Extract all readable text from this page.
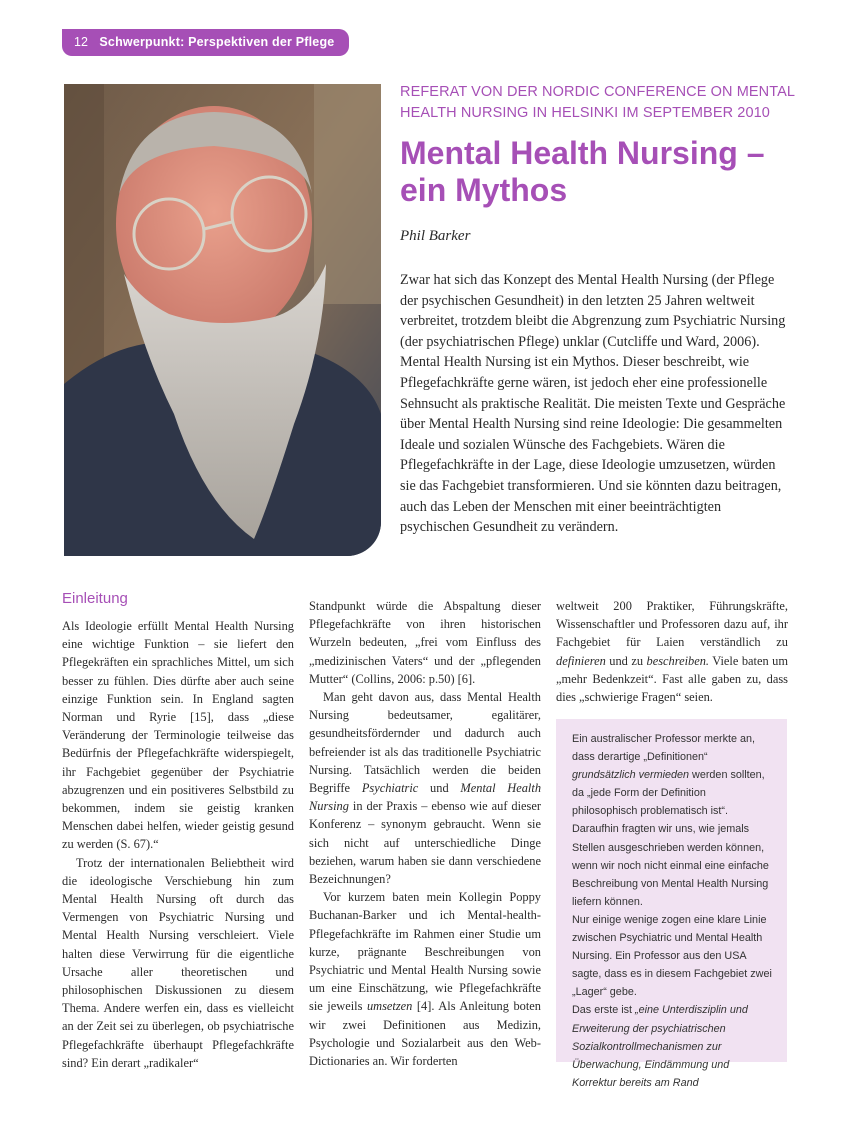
12 Schwerpunkt: Perspektiven der Pflege
REFERAT VON DER NORDIC CONFERENCE ON MENTAL
HEALTH NURSING IN HELSINKI IM SEPTEMBER 2010
Mental Health Nursing –
ein Mythos
Phil Barker
Zwar hat sich das Konzept des Mental Health Nursing (der Pflege der psychischen Gesundheit) in den letzten 25 Jahren weltweit verbreitet, trotzdem bleibt die Abgrenzung zum Psychiatric Nursing (der psychiatrischen Pflege) unklar (Cutcliffe und Ward, 2006). Mental Health Nursing ist ein Mythos. Dieser beschreibt, wie Pflegefachkräfte gerne wären, ist jedoch eher eine professionelle Sehnsucht als praktische Realität. Die meisten Texte und Gespräche über Mental Health Nursing sind reine Ideologie: Die gesammelten Ideale und sozialen Wünsche des Fachgebiets. Wären die Pflegefachkräfte in der Lage, diese Ideologie umzusetzen, würden sie das Fachgebiet transformieren. Und sie könnten dazu beitragen, auch das Leben der Menschen mit einer beeinträchtigten psychischen Gesundheit zu verändern.
Einleitung

Als Ideologie erfüllt Mental Health Nursing eine wichtige Funktion – sie liefert den Pflegekräften ein sprachliches Mittel, um sich besser zu fühlen. Dies dürfte aber auch seine einzige Funktion sein. In England sagten Norman und Ryrie [15], dass „diese Veränderung der Terminologie teilweise das Bedürfnis der Pflegefachkräfte widerspiegelt, ihr Fachgebiet gegenüber der Psychiatrie abzugrenzen und ein positiveres Selbstbild zu bekommen, indem sie geistig kranken Menschen dabei helfen, wieder geistig gesund zu werden (S. 67).“

Trotz der internationalen Beliebtheit wird die ideologische Verschiebung hin zum Mental Health Nursing oft durch das Vermengen von Psychiatric Nursing und Mental Health Nursing verschleiert. Viele halten diese Verwirrung für die eigentliche Ursache aller theoretischen und philosophischen Diskussionen zu diesem Thema. Andere werfen ein, dass es vielleicht an der Zeit sei zu überlegen, ob psychiatrische Pflegefachkräfte überhaupt Pflegefachkräfte sind? Ein derart „radikaler“

Standpunkt würde die Abspaltung dieser Pflegefachkräfte von ihren historischen Wurzeln bedeuten, „frei vom Einfluss des „medizinischen Vaters“ und der „pflegenden Mutter“ (Collins, 2006: p.50) [6].

Man geht davon aus, dass Mental Health Nursing bedeutsamer, egalitärer, gesundheitsfördernder und dadurch auch befreiender ist als das traditionelle Psychiatric Nursing. Tatsächlich werden die beiden Begriffe Psychiatric und Mental Health Nursing in der Praxis – ebenso wie auf dieser Konferenz – synonym gebraucht. Wenn sie sich nicht auf unterschiedliche Dinge beziehen, warum haben sie dann verschiedene Bezeichnungen?

Vor kurzem baten mein Kollegin Poppy Buchanan-Barker und ich Mental-health-Pflegefachkräfte im Rahmen einer Studie um kurze, prägnante Beschreibungen von Psychiatric und Mental Health Nursing sowie um eine Einschätzung, wie Pflegefachkräfte sie jeweils umsetzen [4]. Als Anleitung boten wir zwei Definitionen aus Medizin, Psychologie und Sozialarbeit aus den Web-Dictionaries an. Wir forderten

weltweit 200 Praktiker, Führungskräfte, Wissenschaftler und Professoren dazu auf, ihr Fachgebiet für Laien verständlich zu definieren und zu beschreiben. Viele baten um „mehr Bedenkzeit“. Fast alle gaben zu, dass dies „schwierige Fragen“ seien.

Ein australischer Professor merkte an, dass derartige „Definitionen“ grundsätzlich vermieden werden sollten, da „jede Form der Definition philosophisch problematisch ist“. Daraufhin fragten wir uns, wie jemals Stellen ausgeschrieben werden können, wenn wir noch nicht einmal eine einfache Beschreibung von Mental Health Nursing liefern können.

Nur einige wenige zogen eine klare Linie zwischen Psychiatric und Mental Health Nursing. Ein Professor aus den USA sagte, dass es in diesem Fachgebiet zwei „Lager“ gebe.

Das erste ist „eine Unterdisziplin und Erweiterung der psychiatrischen Sozialkontrollmechanismen zur Überwachung, Eindämmung und Korrektur bereits am Rand
